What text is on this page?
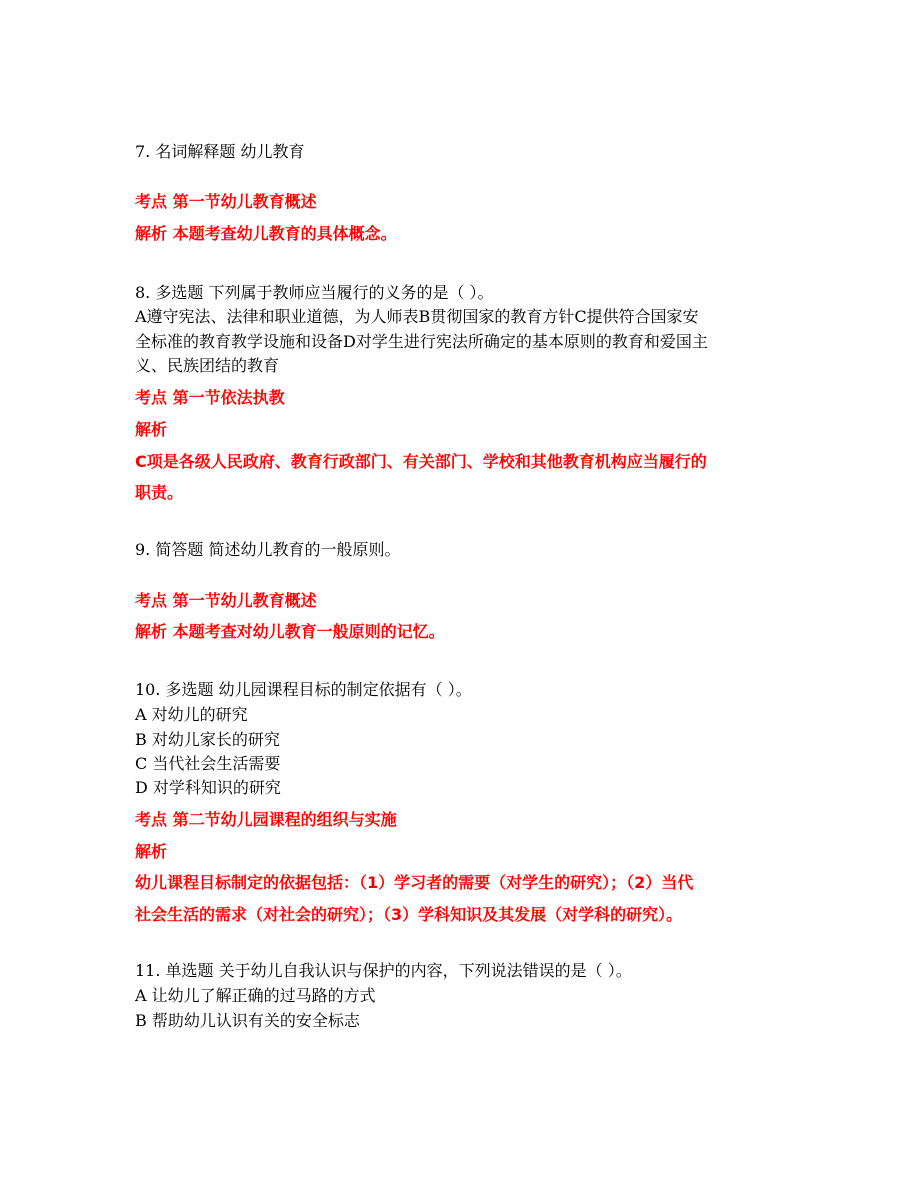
7. 名词解释题 幼儿教育
考点 第一节幼儿教育概述
解析 本题考查幼儿教育的具体概念。
8. 多选题 下列属于教师应当履行的义务的是（ ）。
A遵守宪法、法律和职业道德，为人师表B贯彻国家的教育方针C提供符合国家安
全标准的教育教学设施和设备D对学生进行宪法所确定的基本原则的教育和爱国主
义、民族团结的教育
考点 第一节依法执教
解析
C项是各级人民政府、教育行政部门、有关部门、学校和其他教育机构应当履行的
职责。
9. 简答题 简述幼儿教育的一般原则。
考点 第一节幼儿教育概述
解析 本题考查对幼儿教育一般原则的记忆。
10. 多选题 幼儿园课程目标的制定依据有（ ）。
A 对幼儿的研究
B 对幼儿家长的研究
C 当代社会生活需要
D 对学科知识的研究
考点 第二节幼儿园课程的组织与实施
解析
幼儿课程目标制定的依据包括：（1）学习者的需要（对学生的研究）；（2）当代
社会生活的需求（对社会的研究）；（3）学科知识及其发展（对学科的研究）。
11. 单选题 关于幼儿自我认识与保护的内容，下列说法错误的是（ ）。
A 让幼儿了解正确的过马路的方式
B 帮助幼儿认识有关的安全标志
